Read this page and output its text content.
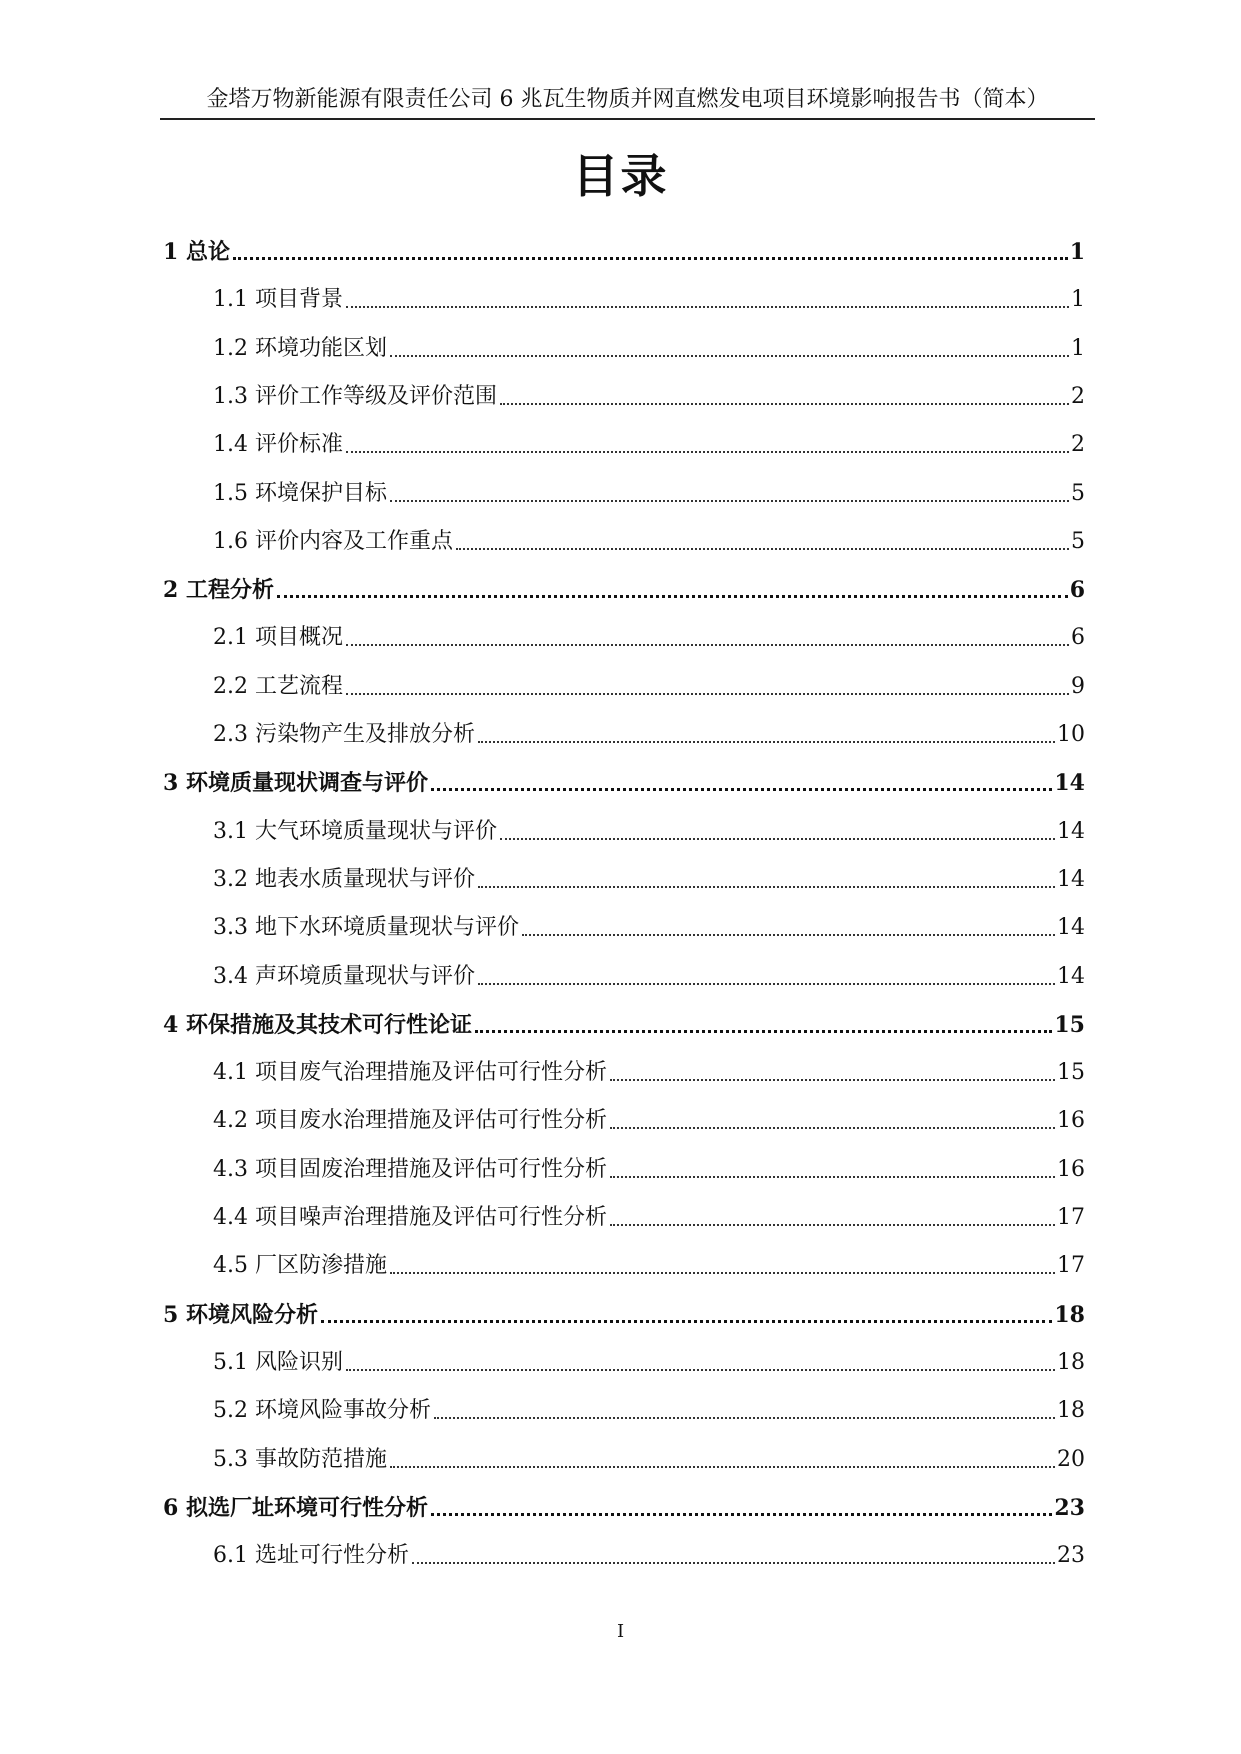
金塔万物新能源有限责任公司 6 兆瓦生物质并网直燃发电项目环境影响报告书（简本）
目录
1 总论	1
1.1 项目背景	1
1.2 环境功能区划	1
1.3 评价工作等级及评价范围	2
1.4 评价标准	2
1.5 环境保护目标	5
1.6 评价内容及工作重点	5
2 工程分析	6
2.1 项目概况	6
2.2 工艺流程	9
2.3 污染物产生及排放分析	10
3 环境质量现状调查与评价	14
3.1 大气环境质量现状与评价	14
3.2 地表水质量现状与评价	14
3.3 地下水环境质量现状与评价	14
3.4 声环境质量现状与评价	14
4 环保措施及其技术可行性论证	15
4.1 项目废气治理措施及评估可行性分析	15
4.2 项目废水治理措施及评估可行性分析	16
4.3 项目固废治理措施及评估可行性分析	16
4.4 项目噪声治理措施及评估可行性分析	17
4.5 厂区防渗措施	17
5 环境风险分析	18
5.1 风险识别	18
5.2 环境风险事故分析	18
5.3 事故防范措施	20
6 拟选厂址环境可行性分析	23
6.1 选址可行性分析	23
I
